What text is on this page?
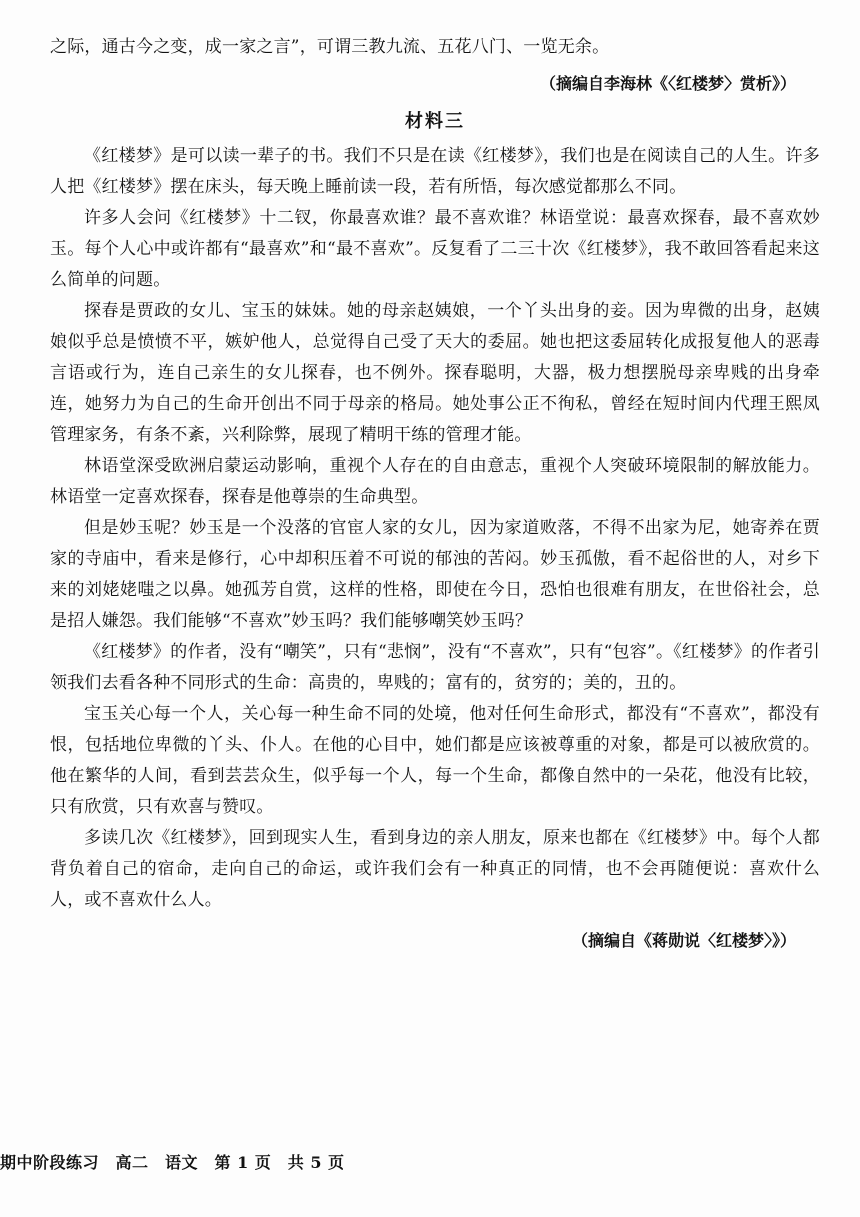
之际，通古今之变，成一家之言”，可谓三教九流、五花八门、一览无余。

（摘编自李海林《〈红楼梦〉赏析》）

材料三

《红楼梦》是可以读一辈子的书。我们不只是在读《红楼梦》，我们也是在阅读自己的人生。许多人把《红楼梦》摆在床头，每天晚上睡前读一段，若有所悟，每次感觉都那么不同。

许多人会问《红楼梦》十二钗，你最喜欢谁？最不喜欢谁？林语堂说：最喜欢探春，最不喜欢妙玉。每个人心中或许都有“最喜欢”和“最不喜欢”。反复看了二三十次《红楼梦》，我不敢回答看起来这么简单的问题。

探春是贾政的女儿、宝玉的妹妹。她的母亲赵姨娘，一个丫头出身的妾。因为卑微的出身，赵姨娘似乎总是愤愤不平，嫉妒他人，总觉得自己受了天大的委屈。她也把这委屈转化成报复他人的恶毒言语或行为，连自己亲生的女儿探春，也不例外。探春聪明，大器，极力想摆脱母亲卑贱的出身牵连，她努力为自己的生命开创出不同于母亲的格局。她处事公正不徇私，曾经在短时间内代理王熙凤管理家务，有条不紊，兴利除弊，展现了精明干练的管理才能。

林语堂深受欧洲启蒙运动影响，重视个人存在的自由意志，重视个人突破环境限制的解放能力。林语堂一定喜欢探春，探春是他尊崇的生命典型。

但是妙玉呢？妙玉是一个没落的官宦人家的女儿，因为家道败落，不得不出家为尼，她寄养在贾家的寺庙中，看来是修行，心中却积压着不可说的郁浊的苦闷。妙玉孤傲，看不起俗世的人，对乡下来的刘姥姥嗤之以鼻。她孤芳自赏，这样的性格，即使在今日，恐怕也很难有朋友，在世俗社会，总是招人嫌怨。我们能够“不喜欢”妙玉吗？我们能够嘲笑妙玉吗？

《红楼梦》的作者，没有“嘲笑”，只有“悲悯”，没有“不喜欢”，只有“包容”。《红楼梦》的作者引领我们去看各种不同形式的生命：高贵的，卑贱的；富有的，贫穷的；美的，丑的。

宝玉关心每一个人，关心每一种生命不同的处境，他对任何生命形式，都没有“不喜欢”，都没有恨，包括地位卑微的丫头、仆人。在他的心目中，她们都是应该被尊重的对象，都是可以被欣赏的。他在繁华的人间，看到芸芸众生，似乎每一个人，每一个生命，都像自然中的一朵花，他没有比较，只有欣赏，只有欢喜与赞叹。

多读几次《红楼梦》，回到现实人生，看到身边的亲人朋友，原来也都在《红楼梦》中。每个人都背负着自己的宿命，走向自己的命运，或许我们会有一种真正的同情，也不会再随便说：喜欢什么人，或不喜欢什么人。

（摘编自《蒋勋说〈红楼梦〉》）

期中阶段练习　高二　语文　第 1 页　共 5 页
